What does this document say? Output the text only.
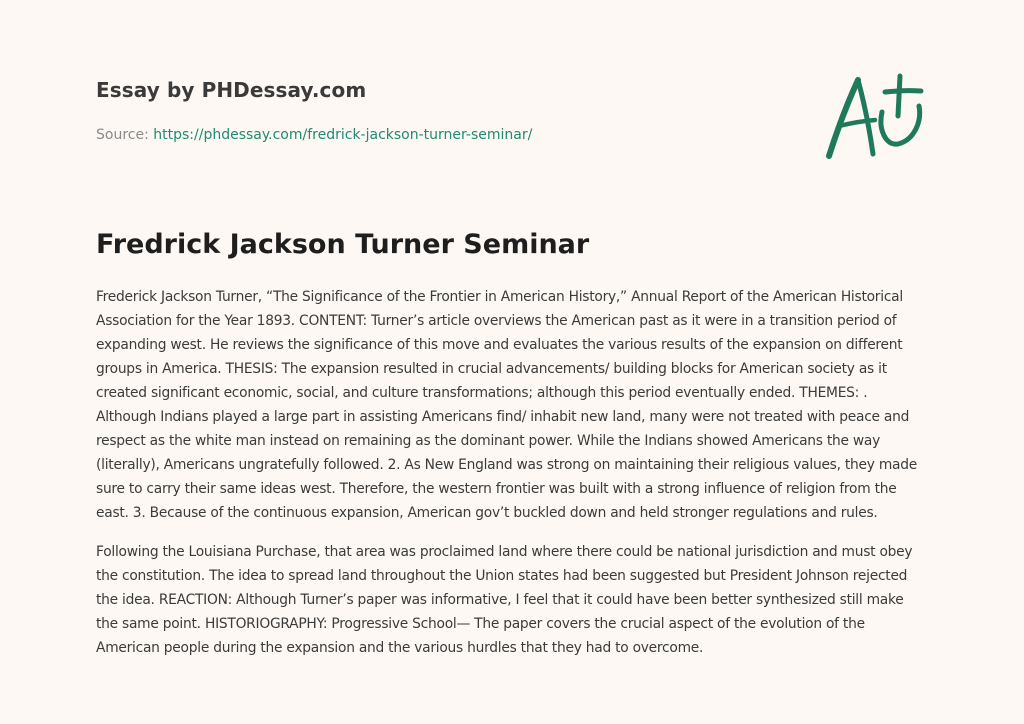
Essay by PHDessay.com
Source: https://phdessay.com/fredrick-jackson-turner-seminar/
Fredrick Jackson Turner Seminar

Frederick Jackson Turner, “The Significance of the Frontier in American History,” Annual Report of the American Historical Association for the Year 1893. CONTENT: Turner’s article overviews the American past as it were in a transition period of expanding west. He reviews the significance of this move and evaluates the various results of the expansion on different groups in America. THESIS: The expansion resulted in crucial advancements/ building blocks for American society as it created significant economic, social, and culture transformations; although this period eventually ended. THEMES: . Although Indians played a large part in assisting Americans find/ inhabit new land, many were not treated with peace and respect as the white man instead on remaining as the dominant power. While the Indians showed Americans the way (literally), Americans ungratefully followed. 2. As New England was strong on maintaining their religious values, they made sure to carry their same ideas west. Therefore, the western frontier was built with a strong influence of religion from the east. 3. Because of the continuous expansion, American gov’t buckled down and held stronger regulations and rules.

Following the Louisiana Purchase, that area was proclaimed land where there could be national jurisdiction and must obey the constitution. The idea to spread land throughout the Union states had been suggested but President Johnson rejected the idea. REACTION: Although Turner’s paper was informative, I feel that it could have been better synthesized still make the same point. HISTORIOGRAPHY: Progressive School— The paper covers the crucial aspect of the evolution of the American people during the expansion and the various hurdles that they had to overcome.
